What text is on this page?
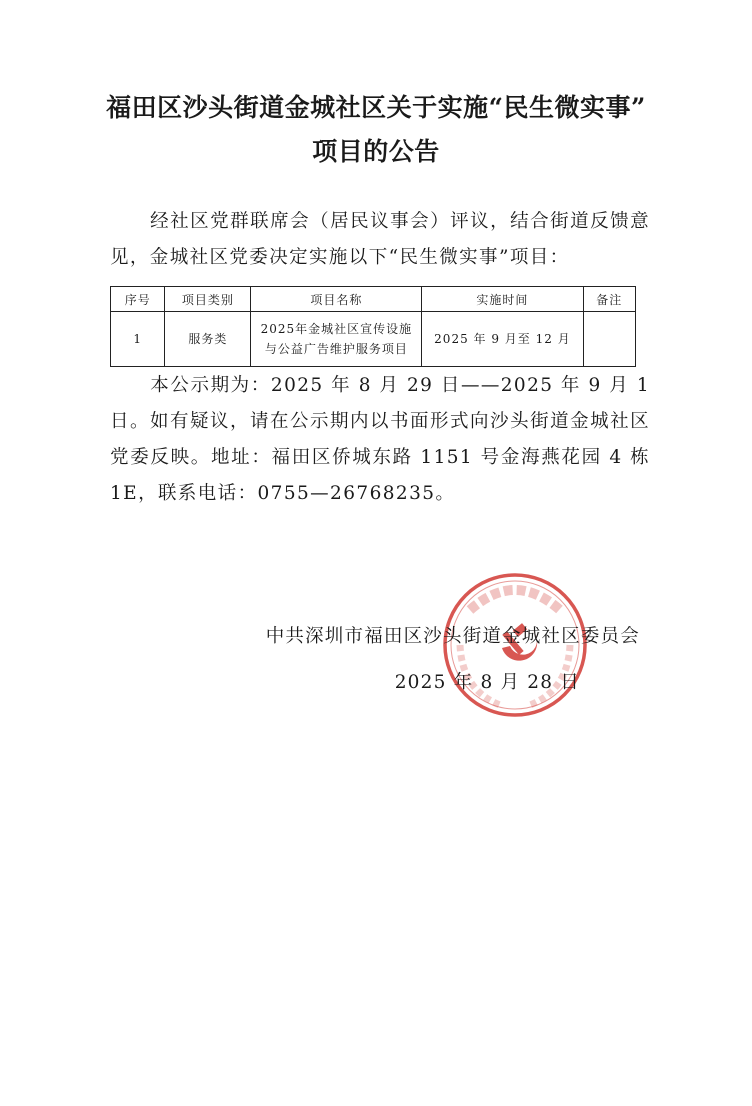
福田区沙头街道金城社区关于实施“民生微实事”
项目的公告
经社区党群联席会（居民议事会）评议，结合街道反馈意见，金城社区党委决定实施以下“民生微实事”项目：
序号	项目类别	项目名称	实施时间	备注
1	服务类	2025年金城社区宣传设施
与公益广告维护服务项目	2025 年 9 月至 12 月	
本公示期为：2025 年 8 月 29 日——2025 年 9 月 1 日。如有疑议，请在公示期内以书面形式向沙头街道金城社区党委反映。地址：福田区侨城东路 1151 号金海燕花园 4 栋 1E，联系电话：0755—26768235。
中共深圳市福田区沙头街道金城社区委员会
2025 年 8 月 28 日
